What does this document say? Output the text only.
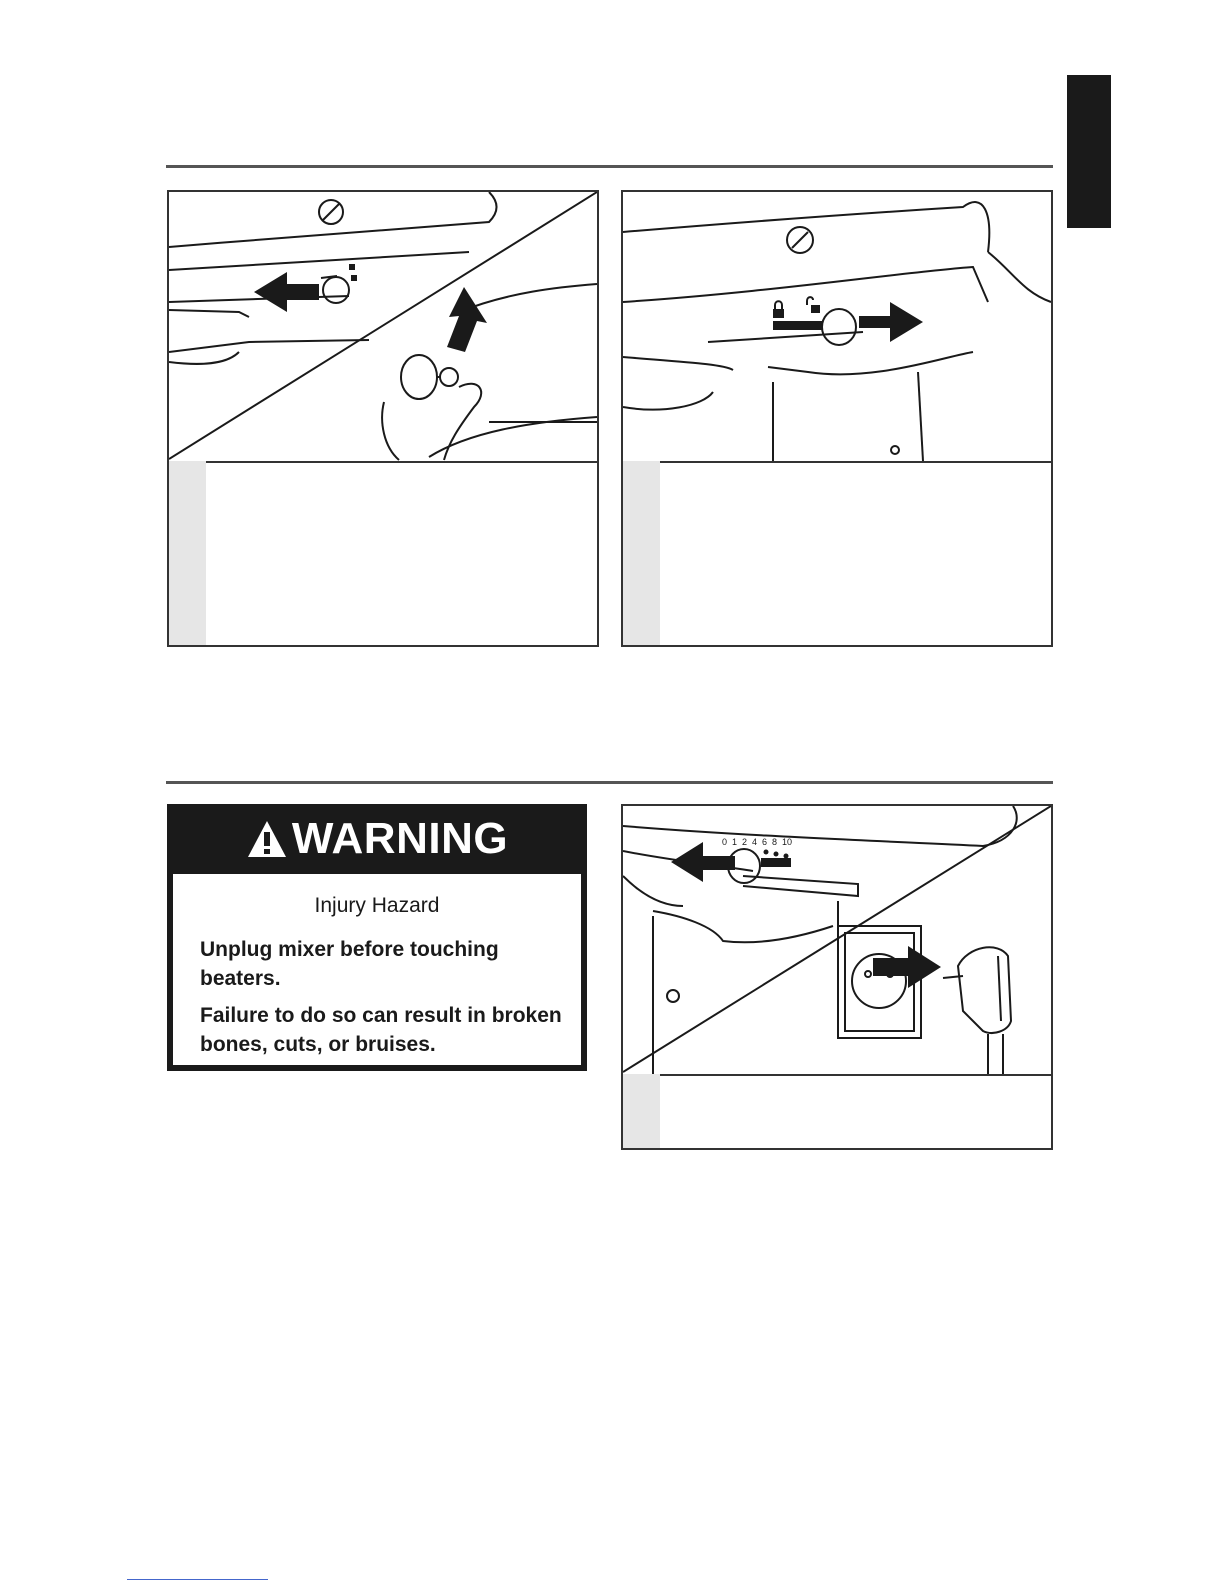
WARNING
Injury Hazard
Unplug mixer before touching beaters.
Failure to do so can result in broken bones, cuts, or bruises.
0 1 2 4 6 8 10
